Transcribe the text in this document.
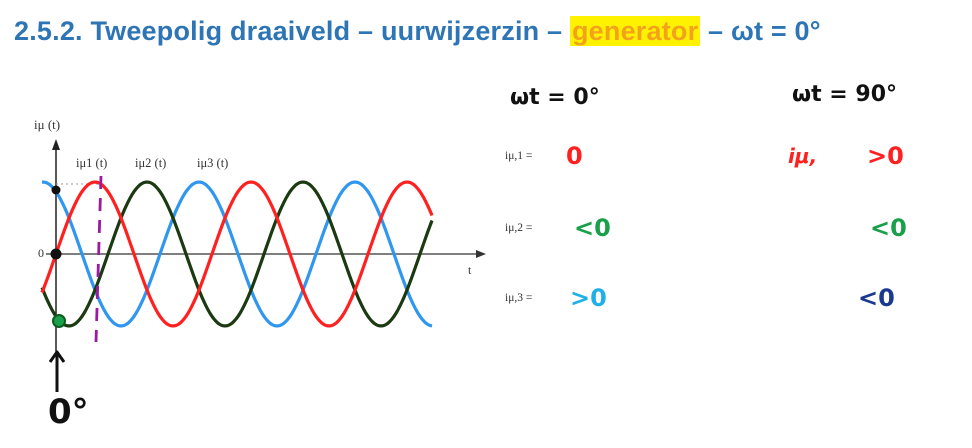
2.5.2. Tweepolig draaiveld – uurwijzerzin – generator – ωt = 0°
iμ (t)
t
0
iμ1 (t) iμ2 (t) iμ3 (t)
0°
ωt = 0°	ωt = 90°
iμ,1 = 0	iμ, >0
iμ,2 = <0	<0
iμ,3 = >0	<0
